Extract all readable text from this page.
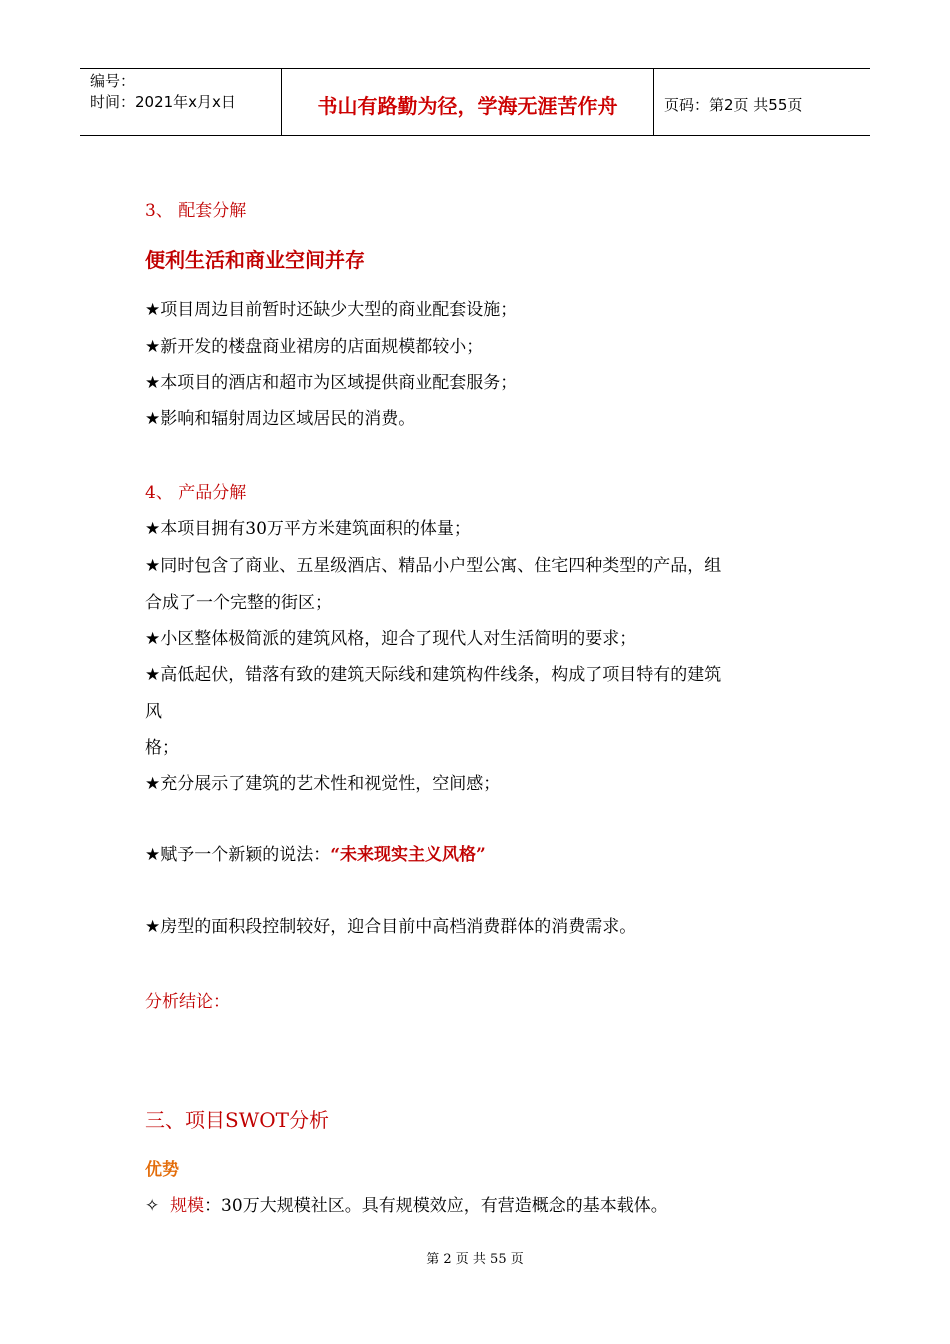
编号：
时间：2021年x月x日	书山有路勤为径，学海无涯苦作舟	页码：第2页 共55页
3、 配套分解
便利生活和商业空间并存
★项目周边目前暂时还缺少大型的商业配套设施；
★新开发的楼盘商业裙房的店面规模都较小；
★本项目的酒店和超市为区域提供商业配套服务；
★影响和辐射周边区域居民的消费。
4、 产品分解
★本项目拥有30万平方米建筑面积的体量；
★同时包含了商业、五星级酒店、精品小户型公寓、住宅四种类型的产品，组
合成了一个完整的街区；
★小区整体极简派的建筑风格，迎合了现代人对生活简明的要求；
★高低起伏，错落有致的建筑天际线和建筑构件线条，构成了项目特有的建筑
风
格；
★充分展示了建筑的艺术性和视觉性，空间感；
★赋予一个新颖的说法：“未来现实主义风格”
★房型的面积段控制较好，迎合目前中高档消费群体的消费需求。
分析结论：
三、项目SWOT分析
优势
✧ 规模：30万大规模社区。具有规模效应，有营造概念的基本载体。
第 2 页 共 55 页
